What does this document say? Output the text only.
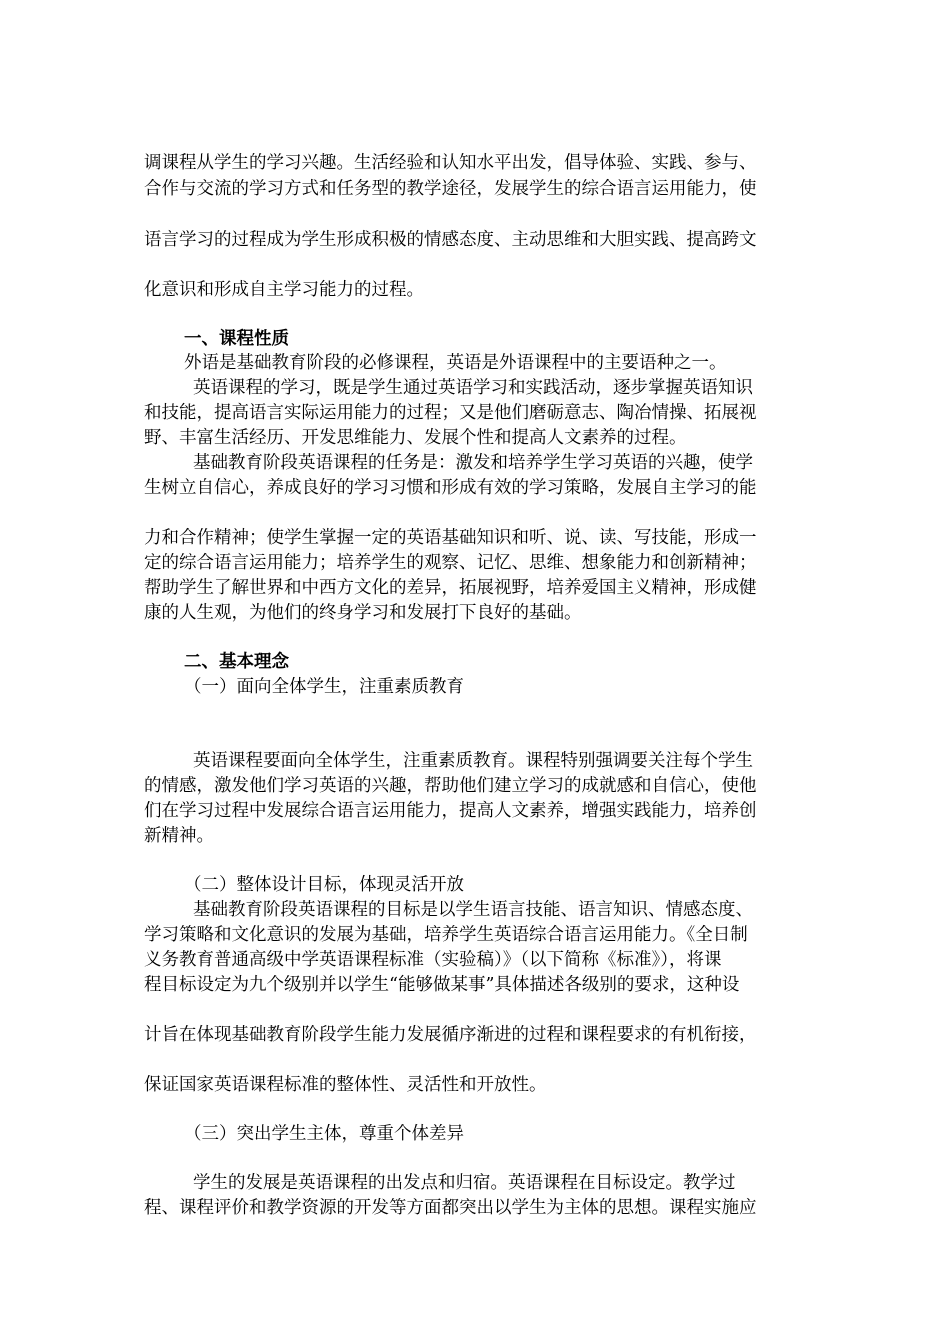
调课程从学生的学习兴趣。生活经验和认知水平出发，倡导体验、实践、参与、

合作与交流的学习方式和任务型的教学途径，发展学生的综合语言运用能力，使

语言学习的过程成为学生形成积极的情感态度、主动思维和大胆实践、提高跨文

化意识和形成自主学习能力的过程。

一、课程性质

外语是基础教育阶段的必修课程，英语是外语课程中的主要语种之一。

英语课程的学习，既是学生通过英语学习和实践活动，逐步掌握英语知识

和技能，提高语言实际运用能力的过程；又是他们磨砺意志、陶冶情操、拓展视

野、丰富生活经历、开发思维能力、发展个性和提高人文素养的过程。

基础教育阶段英语课程的任务是：激发和培养学生学习英语的兴趣，使学

生树立自信心，养成良好的学习习惯和形成有效的学习策略，发展自主学习的能

力和合作精神；使学生掌握一定的英语基础知识和听、说、读、写技能，形成一

定的综合语言运用能力；培养学生的观察、记忆、思维、想象能力和创新精神；

帮助学生了解世界和中西方文化的差异，拓展视野，培养爱国主义精神，形成健

康的人生观，为他们的终身学习和发展打下良好的基础。

二、基本理念

（一）面向全体学生，注重素质教育

英语课程要面向全体学生，注重素质教育。课程特别强调要关注每个学生

的情感，激发他们学习英语的兴趣，帮助他们建立学习的成就感和自信心，使他

们在学习过程中发展综合语言运用能力，提高人文素养，增强实践能力，培养创

新精神。

（二）整体设计目标，体现灵活开放

基础教育阶段英语课程的目标是以学生语言技能、语言知识、情感态度、

学习策略和文化意识的发展为基础，培养学生英语综合语言运用能力。《全日制

义务教育普通高级中学英语课程标准（实验稿）》（以下简称《标准》），将课

程目标设定为九个级别并以学生“能够做某事”具体描述各级别的要求，这种设

计旨在体现基础教育阶段学生能力发展循序渐进的过程和课程要求的有机衔接，

保证国家英语课程标准的整体性、灵活性和开放性。

（三）突出学生主体，尊重个体差异

学生的发展是英语课程的出发点和归宿。英语课程在目标设定。教学过

程、课程评价和教学资源的开发等方面都突出以学生为主体的思想。课程实施应
